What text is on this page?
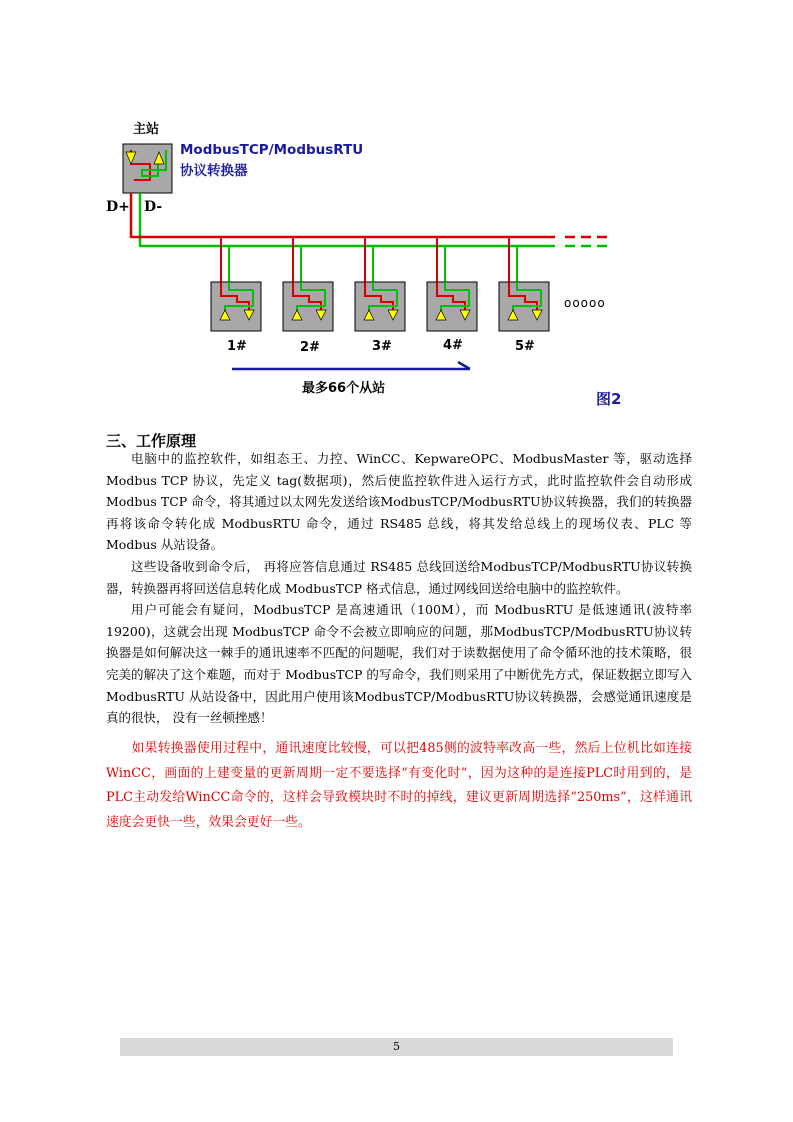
主站
ModbusTCP/ModbusRTU
协议转换器
D+ D-
1#	2#	3#	4#	5#
ooooo
最多66个从站
图2
三、工作原理

电脑中的监控软件，如组态王、力控、WinCC、KepwareOPC、ModbusMaster 等，驱动选择 Modbus TCP 协议，先定义 tag(数据项)，然后使监控软件进入运行方式，此时监控软件会自动形成Modbus TCP 命令，将其通过以太网先发送给该ModbusTCP/ModbusRTU协议转换器，我们的转换器再将该命令转化成 ModbusRTU 命令，通过 RS485 总线，将其发给总线上的现场仪表、PLC 等 Modbus 从站设备。

这些设备收到命令后， 再将应答信息通过 RS485 总线回送给ModbusTCP/ModbusRTU协议转换器，转换器再将回送信息转化成 ModbusTCP 格式信息，通过网线回送给电脑中的监控软件。

用户可能会有疑问，ModbusTCP 是高速通讯（100M），而 ModbusRTU 是低速通讯(波特率 19200)，这就会出现 ModbusTCP 命令不会被立即响应的问题，那ModbusTCP/ModbusRTU协议转换器是如何解决这一棘手的通讯速率不匹配的问题呢，我们对于读数据使用了命令循环池的技术策略，很完美的解决了这个难题，而对于 ModbusTCP 的写命令，我们则采用了中断优先方式，保证数据立即写入 ModbusRTU 从站设备中，因此用户使用该ModbusTCP/ModbusRTU协议转换器，会感觉通讯速度是真的很快， 没有一丝顿挫感！

如果转换器使用过程中，通讯速度比较慢，可以把485侧的波特率改高一些，然后上位机比如连接WinCC，画面的上建变量的更新周期一定不要选择“有变化时”，因为这种的是连接PLC时用到的，是PLC主动发给WinCC命令的，这样会导致模块时不时的掉线，建议更新周期选择“250ms”，这样通讯速度会更快一些，效果会更好一些。

5
